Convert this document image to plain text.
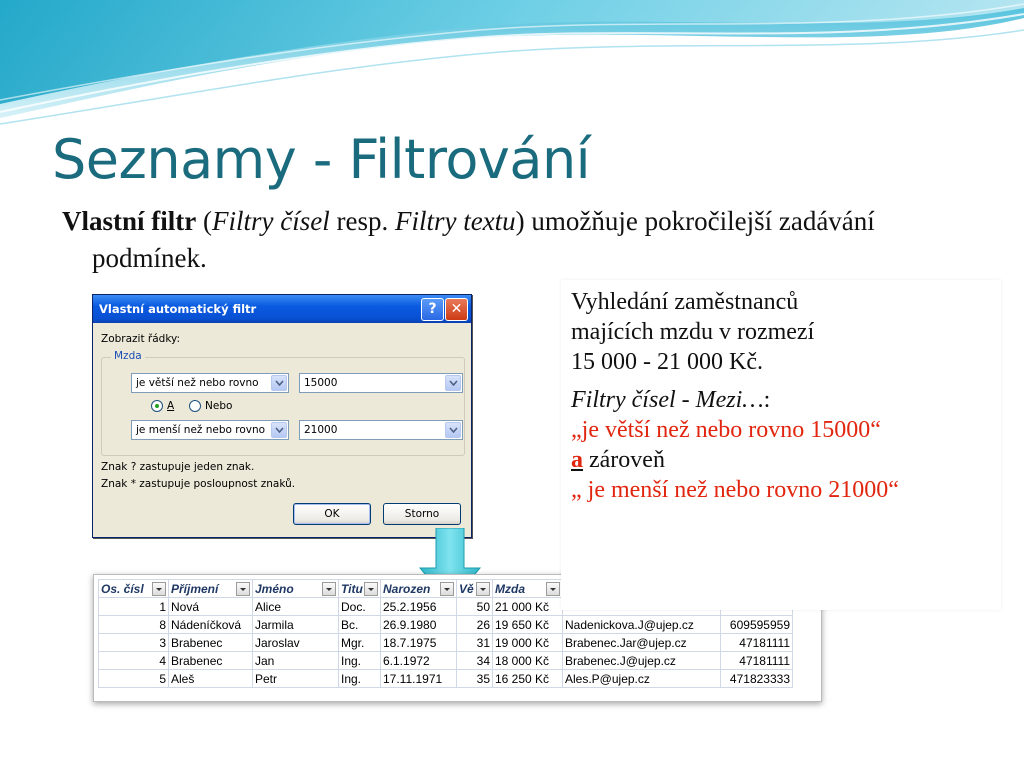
Seznamy - Filtrování
Vlastní filtr (Filtry čísel resp. Filtry textu) umožňuje pokročilejší zadávání podmínek.
Vlastní automatický filtr	?	✕
Zobrazit řádky:
Mzda
je větší než nebo rovno	15000
A	Nebo
je menší než nebo rovno	21000
Znak ? zastupuje jeden znak.
Znak * zastupuje posloupnost znaků.
OK	Storno
Os. čísl	Příjmení	Jméno	Titu	Narozen	Vě	Mzda

1	Nová	Alice	Doc.	25.2.1956	50	21 000 Kč		
8	Nádeníčková	Jarmila	Bc.	26.9.1980	26	19 650 Kč	Nadenickova.J@ujep.cz	609595959
3	Brabenec	Jaroslav	Mgr.	18.7.1975	31	19 000 Kč	Brabenec.Jar@ujep.cz	47181111
4	Brabenec	Jan	Ing.	6.1.1972	34	18 000 Kč	Brabenec.J@ujep.cz	47181111
5	Aleš	Petr	Ing.	17.11.1971	35	16 250 Kč	Ales.P@ujep.cz	471823333

Vyhledání zaměstnanců

majících mzdu v rozmezí

15 000 - 21 000 Kč.

Filtry čísel - Mezi…:

„je větší než nebo rovno 15000“

a zároveň

„ je menší než nebo rovno 21000“
